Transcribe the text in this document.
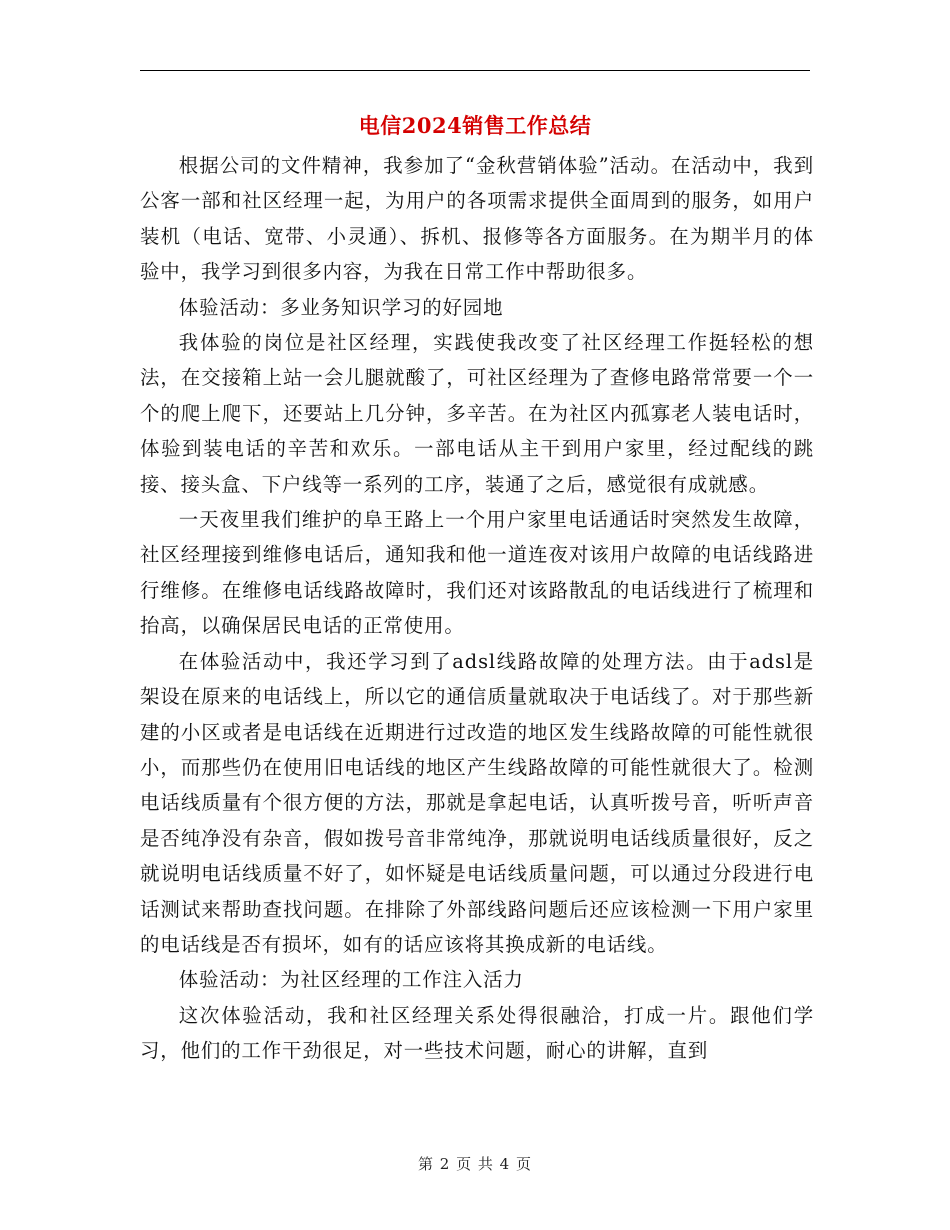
电信2024销售工作总结

根据公司的文件精神，我参加了“金秋营销体验”活动。在活动中，我到公客一部和社区经理一起，为用户的各项需求提供全面周到的服务，如用户装机（电话、宽带、小灵通）、拆机、报修等各方面服务。在为期半月的体验中，我学习到很多内容，为我在日常工作中帮助很多。

体验活动：多业务知识学习的好园地

我体验的岗位是社区经理，实践使我改变了社区经理工作挺轻松的想法，在交接箱上站一会儿腿就酸了，可社区经理为了查修电路常常要一个一个的爬上爬下，还要站上几分钟，多辛苦。在为社区内孤寡老人装电话时，体验到装电话的辛苦和欢乐。一部电话从主干到用户家里，经过配线的跳接、接头盒、下户线等一系列的工序，装通了之后，感觉很有成就感。

一天夜里我们维护的阜王路上一个用户家里电话通话时突然发生故障，社区经理接到维修电话后，通知我和他一道连夜对该用户故障的电话线路进行维修。在维修电话线路故障时，我们还对该路散乱的电话线进行了梳理和抬高，以确保居民电话的正常使用。

在体验活动中，我还学习到了adsl线路故障的处理方法。由于adsl是架设在原来的电话线上，所以它的通信质量就取决于电话线了。对于那些新建的小区或者是电话线在近期进行过改造的地区发生线路故障的可能性就很小，而那些仍在使用旧电话线的地区产生线路故障的可能性就很大了。检测电话线质量有个很方便的方法，那就是拿起电话，认真听拨号音，听听声音是否纯净没有杂音，假如拨号音非常纯净，那就说明电话线质量很好，反之就说明电话线质量不好了，如怀疑是电话线质量问题，可以通过分段进行电话测试来帮助查找问题。在排除了外部线路问题后还应该检测一下用户家里的电话线是否有损坏，如有的话应该将其换成新的电话线。

体验活动：为社区经理的工作注入活力

这次体验活动，我和社区经理关系处得很融洽，打成一片。跟他们学习，他们的工作干劲很足，对一些技术问题，耐心的讲解，直到

第 2 页 共 4 页
